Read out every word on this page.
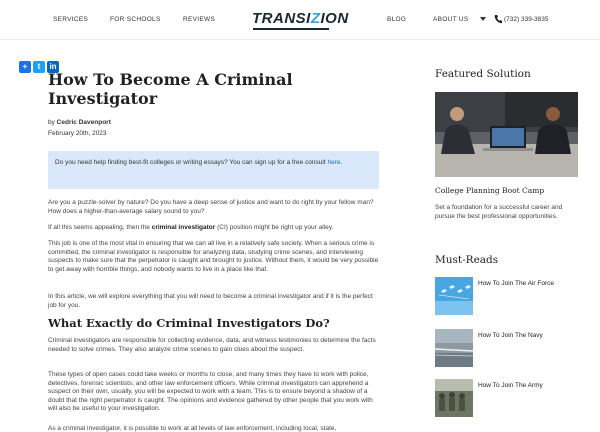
SERVICES	FOR SCHOOLS	REVIEWS TRANSIZION	BLOG	ABOUT US	(732) 339-3835
+	t	in
How To Become A Criminal Investigator
by Cedric Davenport
February 20th, 2023
Do you need help finding best-fit colleges or writing essays? You can sign up for a free consult here.
Are you a puzzle-solver by nature? Do you have a deep sense of justice and want to do right by your fellow man? How does a higher-than-average salary sound to you?
If all this seems appealing, then the criminal investigator (CI) position might be right up your alley.
This job is one of the most vital in ensuring that we can all live in a relatively safe society. When a serious crime is committed, the criminal investigator is responsible for analyzing data, studying crime scenes, and interviewing suspects to make sure that the perpetrator is caught and brought to justice. Without them, it would be very possible to get away with horrible things, and nobody wants to live in a place like that.
In this article, we will explore everything that you will need to become a criminal investigator and if it is the perfect job for you.
What Exactly do Criminal Investigators Do?
Criminal investigators are responsible for collecting evidence, data, and witness testimonies to determine the facts needed to solve crimes. They also analyze crime scenes to gain clues about the suspect.
These types of open cases could take weeks or months to close, and many times they have to work with police, detectives, forensic scientists, and other law enforcement officers. While criminal investigators can apprehend a suspect on their own, usually, you will be expected to work with a team. This is to ensure beyond a shadow of a doubt that the right perpetrator is caught. The opinions and evidence gathered by other people that you work with will also be useful to your investigation.
As a criminal investigator, it is possible to work at all levels of law enforcement, including local, state,
Featured Solution
College Planning Boot Camp
Set a foundation for a successful career and pursue the best professional opportunities.
Must-Reads
How To Join The Air Force
How To Join The Navy
How To Join The Army
